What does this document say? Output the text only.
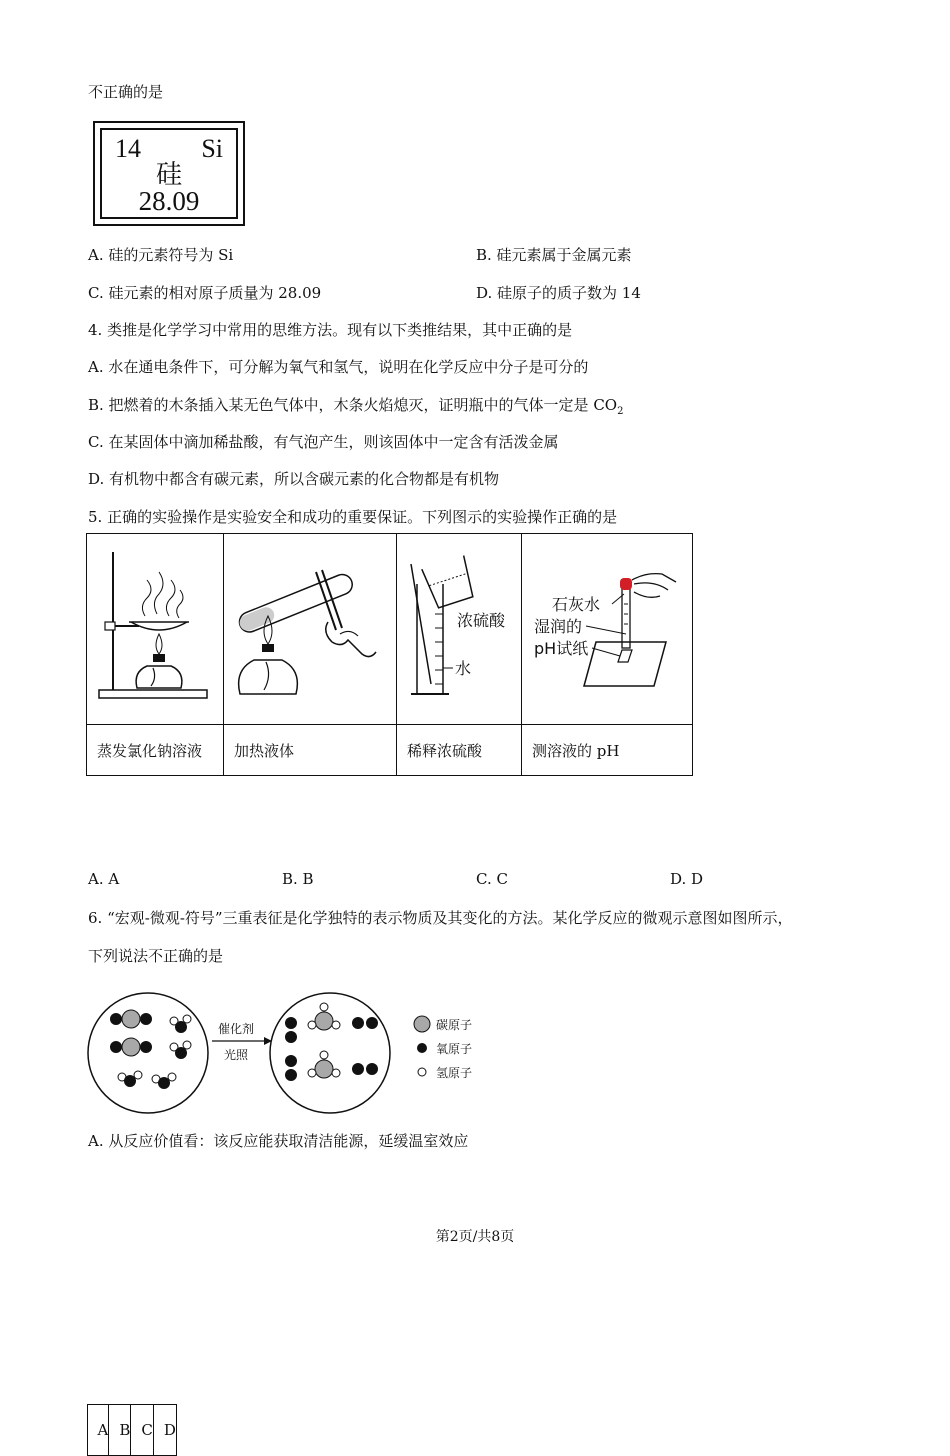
不正确的是
14 Si
硅
28.09
A. 硅的元素符号为 Si	B. 硅元素属于金属元素
C. 硅元素的相对原子质量为 28.09	D. 硅原子的质子数为 14
4. 类推是化学学习中常用的思维方法。现有以下类推结果，其中正确的是
A. 水在通电条件下，可分解为氧气和氢气，说明在化学反应中分子是可分的
B. 把燃着的木条插入某无色气体中，木条火焰熄灭，证明瓶中的气体一定是 $CO_2$
C. 在某固体中滴加稀盐酸，有气泡产生，则该固体中一定含有活泼金属
D. 有机物中都含有碳元素，所以含碳元素的化合物都是有机物
5. 正确的实验操作是实验安全和成功的重要保证。下列图示的实验操作正确的是

浓硫酸
水	石灰水
湿润的
pH试纸

蒸发氯化钠溶液	加热液体	稀释浓硫酸	测溶液的 pH

A	B	C	D
A. A	B. B	C. C	D. D
6. “宏观-微观-符号”三重表征是化学独特的表示物质及其变化的方法。某化学反应的微观示意图如图所示，
下列说法不正确的是
催化剂
光照
碳原子
氧原子
氢原子
A. 从反应价值看：该反应能获取清洁能源，延缓温室效应
第2页/共8页
